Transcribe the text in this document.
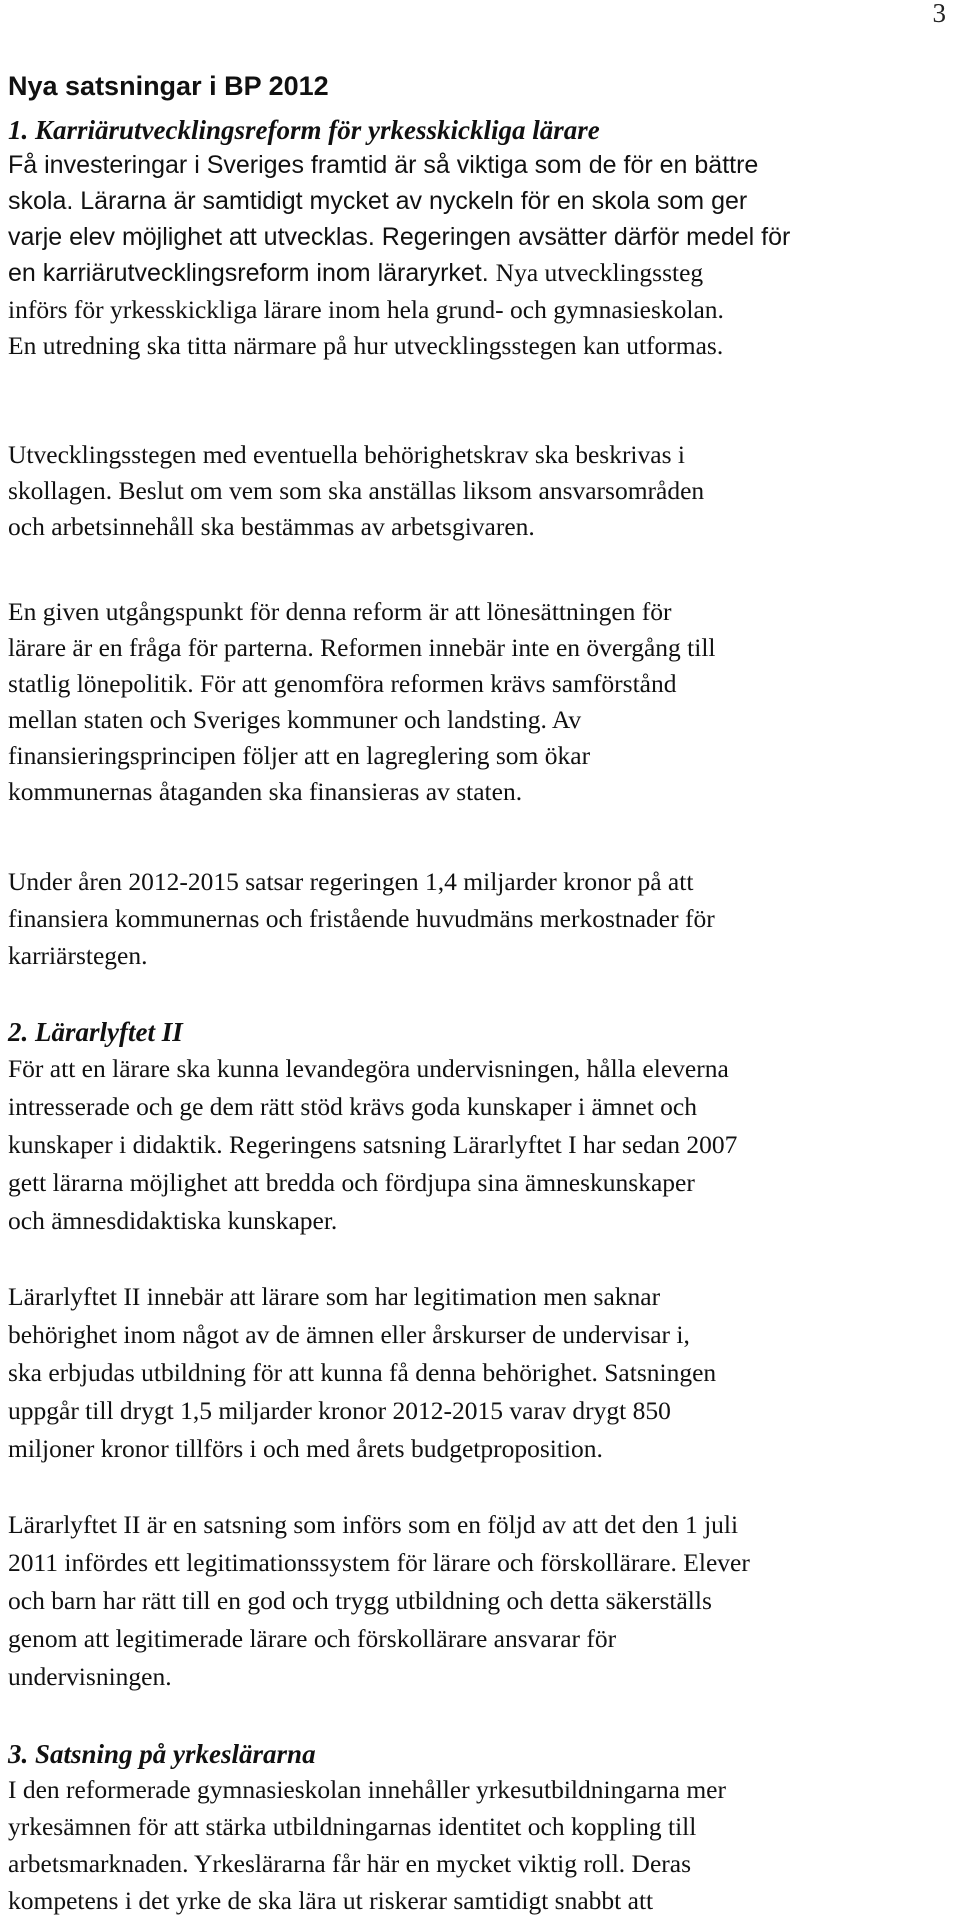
3
Nya satsningar i BP 2012
1. Karriärutvecklingsreform för yrkesskickliga lärare
Få investeringar i Sveriges framtid är så viktiga som de för en bättre
skola. Lärarna är samtidigt mycket av nyckeln för en skola som ger
varje elev möjlighet att utvecklas. Regeringen avsätter därför medel för
en karriärutvecklingsreform inom läraryrket. Nya utvecklingssteg
införs för yrkesskickliga lärare inom hela grund- och gymnasieskolan.
En utredning ska titta närmare på hur utvecklingsstegen kan utformas.
Utvecklingsstegen med eventuella behörighetskrav ska beskrivas i
skollagen. Beslut om vem som ska anställas liksom ansvarsområden
och arbetsinnehåll ska bestämmas av arbetsgivaren.
En given utgångspunkt för denna reform är att lönesättningen för
lärare är en fråga för parterna. Reformen innebär inte en övergång till
statlig lönepolitik. För att genomföra reformen krävs samförstånd
mellan staten och Sveriges kommuner och landsting. Av
finansieringsprincipen följer att en lagreglering som ökar
kommunernas åtaganden ska finansieras av staten.
Under åren 2012-2015 satsar regeringen 1,4 miljarder kronor på att
finansiera kommunernas och fristående huvudmäns merkostnader för
karriärstegen.
2. Lärarlyftet II
För att en lärare ska kunna levandegöra undervisningen, hålla eleverna
intresserade och ge dem rätt stöd krävs goda kunskaper i ämnet och
kunskaper i didaktik. Regeringens satsning Lärarlyftet I har sedan 2007
gett lärarna möjlighet att bredda och fördjupa sina ämneskunskaper
och ämnesdidaktiska kunskaper.
Lärarlyftet II innebär att lärare som har legitimation men saknar
behörighet inom något av de ämnen eller årskurser de undervisar i,
ska erbjudas utbildning för att kunna få denna behörighet. Satsningen
uppgår till drygt 1,5 miljarder kronor 2012-2015 varav drygt 850
miljoner kronor tillförs i och med årets budgetproposition.
Lärarlyftet II är en satsning som införs som en följd av att det den 1 juli
2011 infördes ett legitimationssystem för lärare och förskollärare. Elever
och barn har rätt till en god och trygg utbildning och detta säkerställs
genom att legitimerade lärare och förskollärare ansvarar för
undervisningen.
3. Satsning på yrkeslärarna
I den reformerade gymnasieskolan innehåller yrkesutbildningarna mer
yrkesämnen för att stärka utbildningarnas identitet och koppling till
arbetsmarknaden. Yrkeslärarna får här en mycket viktig roll. Deras
kompetens i det yrke de ska lära ut riskerar samtidigt snabbt att
